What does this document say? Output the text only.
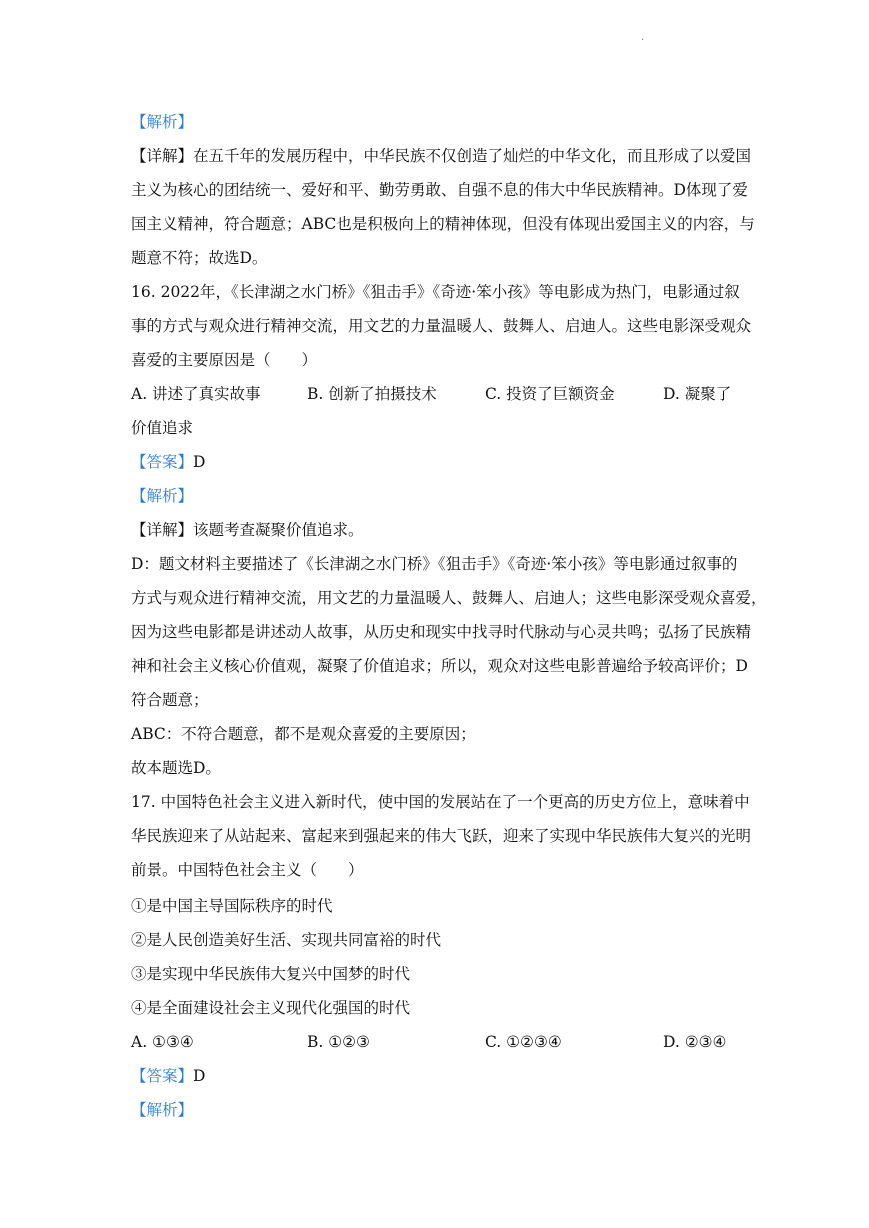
.
【解析】
【详解】在五千年的发展历程中，中华民族不仅创造了灿烂的中华文化，而且形成了以爱国
主义为核心的团结统一、爱好和平、勤劳勇敢、自强不息的伟大中华民族精神。D体现了爱
国主义精神，符合题意；ABC也是积极向上的精神体现，但没有体现出爱国主义的内容，与
题意不符；故选D。
16. 2022年，《长津湖之水门桥》《狙击手》《奇迹·笨小孩》等电影成为热门，电影通过叙
事的方式与观众进行精神交流，用文艺的力量温暖人、鼓舞人、启迪人。这些电影深受观众
喜爱的主要原因是（　　）
A. 讲述了真实故事	B. 创新了拍摄技术	C. 投资了巨额资金	D. 凝聚了
价值追求
【答案】D
【解析】
【详解】该题考查凝聚价值追求。
D：题文材料主要描述了《长津湖之水门桥》《狙击手》《奇迹·笨小孩》等电影通过叙事的
方式与观众进行精神交流，用文艺的力量温暖人、鼓舞人、启迪人；这些电影深受观众喜爱，
因为这些电影都是讲述动人故事，从历史和现实中找寻时代脉动与心灵共鸣；弘扬了民族精
神和社会主义核心价值观，凝聚了价值追求；所以，观众对这些电影普遍给予较高评价；D
符合题意；
ABC：不符合题意，都不是观众喜爱的主要原因；
故本题选D。
17. 中国特色社会主义进入新时代，使中国的发展站在了一个更高的历史方位上，意味着中
华民族迎来了从站起来、富起来到强起来的伟大飞跃，迎来了实现中华民族伟大复兴的光明
前景。中国特色社会主义（　　）
①是中国主导国际秩序的时代
②是人民创造美好生活、实现共同富裕的时代
③是实现中华民族伟大复兴中国梦的时代
④是全面建设社会主义现代化强国的时代
A. ①③④	B. ①②③	C. ①②③④	D. ②③④
【答案】D
【解析】
